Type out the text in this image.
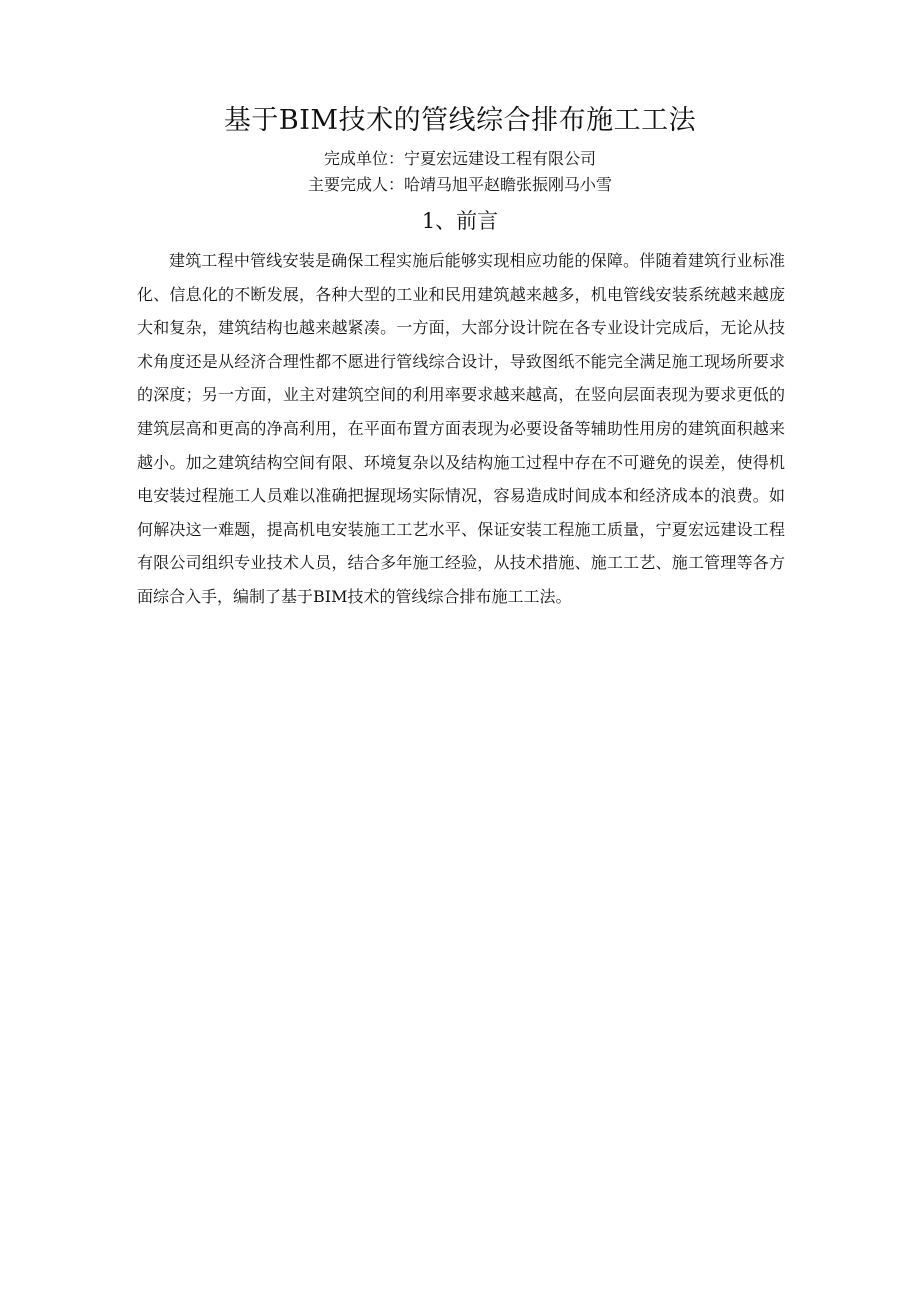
基于BIM技术的管线综合排布施工工法

完成单位：宁夏宏远建设工程有限公司

主要完成人：哈靖马旭平赵瞻张振刚马小雪

1、前言

建筑工程中管线安装是确保工程实施后能够实现相应功能的保障。伴随着建筑行业标准化、信息化的不断发展，各种大型的工业和民用建筑越来越多，机电管线安装系统越来越庞大和复杂，建筑结构也越来越紧凑。一方面，大部分设计院在各专业设计完成后，无论从技术角度还是从经济合理性都不愿进行管线综合设计，导致图纸不能完全满足施工现场所要求的深度；另一方面，业主对建筑空间的利用率要求越来越高，在竖向层面表现为要求更低的建筑层高和更高的净高利用，在平面布置方面表现为必要设备等辅助性用房的建筑面积越来越小。加之建筑结构空间有限、环境复杂以及结构施工过程中存在不可避免的误差，使得机电安装过程施工人员难以准确把握现场实际情况，容易造成时间成本和经济成本的浪费。如何解决这一难题，提高机电安装施工工艺水平、保证安装工程施工质量，宁夏宏远建设工程有限公司组织专业技术人员，结合多年施工经验，从技术措施、施工工艺、施工管理等各方面综合入手，编制了基于BIM技术的管线综合排布施工工法。
